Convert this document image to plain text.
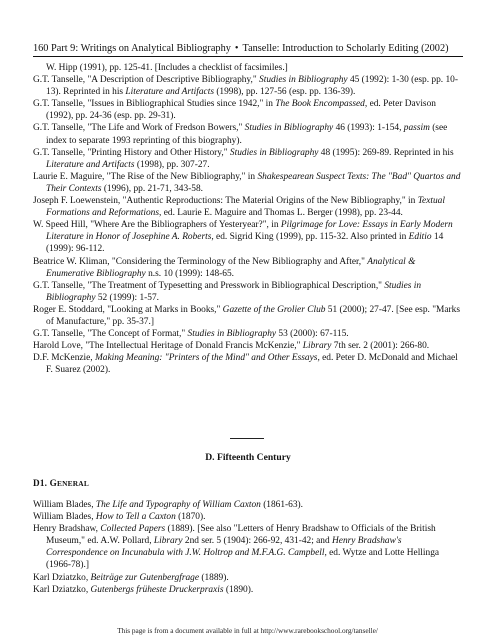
160 Part 9: Writings on Analytical Bibliography • Tanselle: Introduction to Scholarly Editing (2002)

W. Hipp (1991), pp. 125-41. [Includes a checklist of facsimiles.]

G.T. Tanselle, "A Description of Descriptive Bibliography," Studies in Bibliography 45 (1992): 1-30 (esp. pp. 10-13). Reprinted in his Literature and Artifacts (1998), pp. 127-56 (esp. pp. 136-39).

G.T. Tanselle, "Issues in Bibliographical Studies since 1942," in The Book Encompassed, ed. Peter Davison (1992), pp. 24-36 (esp. pp. 29-31).

G.T. Tanselle, "The Life and Work of Fredson Bowers," Studies in Bibliography 46 (1993): 1-154, passim (see index to separate 1993 reprinting of this biography).

G.T. Tanselle, "Printing History and Other History," Studies in Bibliography 48 (1995): 269-89. Reprinted in his Literature and Artifacts (1998), pp. 307-27.

Laurie E. Maguire, "The Rise of the New Bibliography," in Shakespearean Suspect Texts: The "Bad" Quartos and Their Contexts (1996), pp. 21-71, 343-58.

Joseph F. Loewenstein, "Authentic Reproductions: The Material Origins of the New Bibliography," in Textual Formations and Reformations, ed. Laurie E. Maguire and Thomas L. Berger (1998), pp. 23-44.

W. Speed Hill, "Where Are the Bibliographers of Yesteryear?", in Pilgrimage for Love: Essays in Early Modern Literature in Honor of Josephine A. Roberts, ed. Sigrid King (1999), pp. 115-32. Also printed in Editio 14 (1999): 96-112.

Beatrice W. Kliman, "Considering the Terminology of the New Bibliography and After," Analytical & Enumerative Bibliography n.s. 10 (1999): 148-65.

G.T. Tanselle, "The Treatment of Typesetting and Presswork in Bibliographical Description," Studies in Bibliography 52 (1999): 1-57.

Roger E. Stoddard, "Looking at Marks in Books," Gazette of the Grolier Club 51 (2000); 27-47. [See esp. "Marks of Manufacture," pp. 35-37.]

G.T. Tanselle, "The Concept of Format," Studies in Bibliography 53 (2000): 67-115.

Harold Love, "The Intellectual Heritage of Donald Francis McKenzie," Library 7th ser. 2 (2001): 266-80.

D.F. McKenzie, Making Meaning: "Printers of the Mind" and Other Essays, ed. Peter D. McDonald and Michael F. Suarez (2002).

D. Fifteenth Century
D1. GENERAL

William Blades, The Life and Typography of William Caxton (1861-63).

William Blades, How to Tell a Caxton (1870).

Henry Bradshaw, Collected Papers (1889). [See also "Letters of Henry Bradshaw to Officials of the British Museum," ed. A.W. Pollard, Library 2nd ser. 5 (1904): 266-92, 431-42; and Henry Bradshaw's Correspondence on Incunabula with J.W. Holtrop and M.F.A.G. Campbell, ed. Wytze and Lotte Hellinga (1966-78).]

Karl Dziatzko, Beiträge zur Gutenbergfrage (1889).

Karl Dziatzko, Gutenbergs früheste Druckerpraxis (1890).

This page is from a document available in full at http://www.rarebookschool.org/tanselle/
